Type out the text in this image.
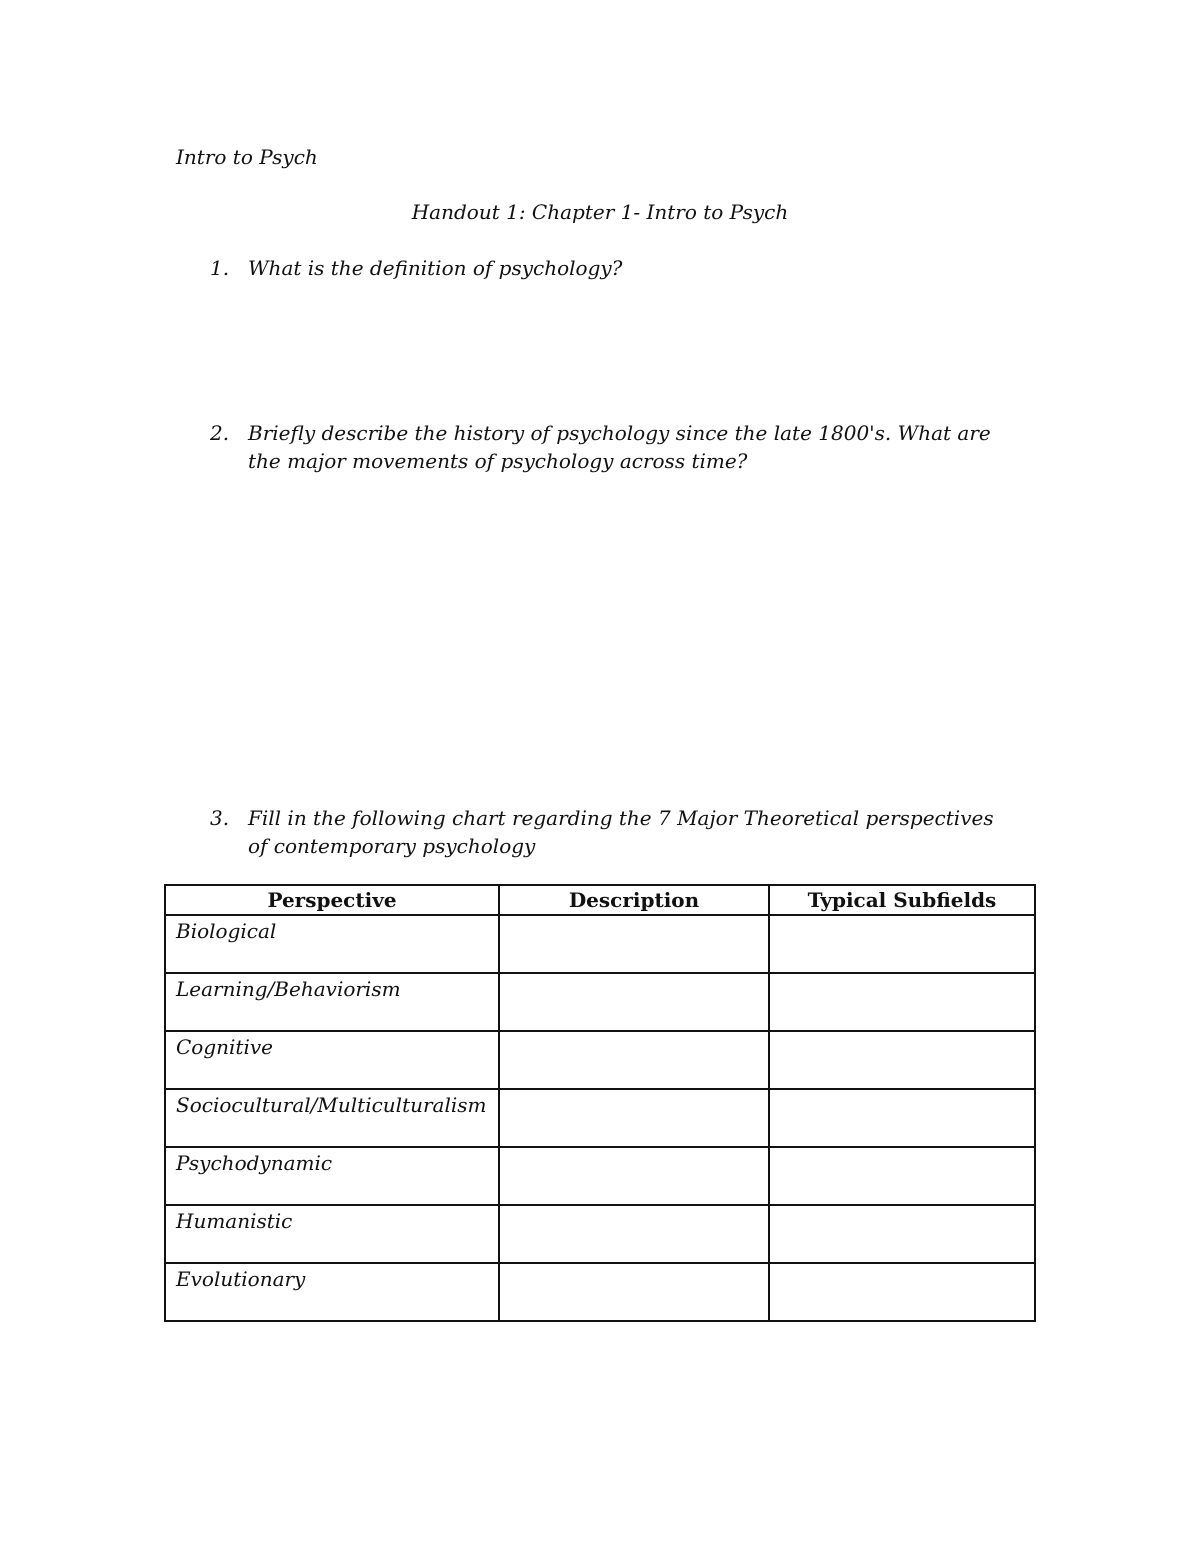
Intro to Psych

Handout 1: Chapter 1- Intro to Psych
1. What is the definition of psychology?
2. Briefly describe the history of psychology since the late 1800's. What are the major movements of psychology across time?
3. Fill in the following chart regarding the 7 Major Theoretical perspectives of contemporary psychology
Perspective	Description	Typical Subfields
Biological		
Learning/Behaviorism		
Cognitive		
Sociocultural/Multiculturalism		
Psychodynamic		
Humanistic		
Evolutionary		
